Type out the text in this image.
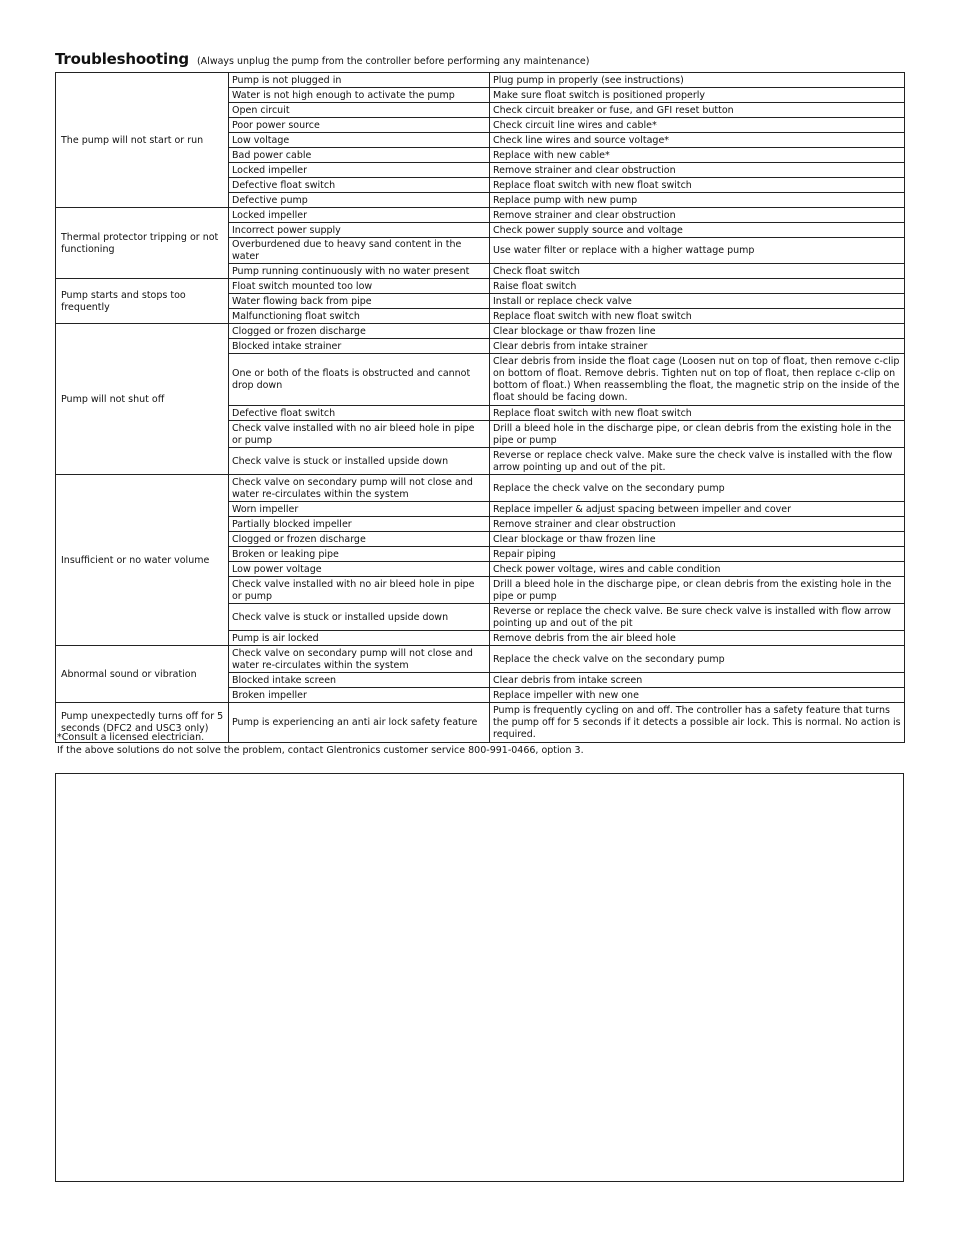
Troubleshooting (Always unplug the pump from the controller before performing any maintenance)
The pump will not start or run	Pump is not plugged in	Plug pump in properly (see instructions)
	Water is not high enough to activate the pump	Make sure float switch is positioned properly
	Open circuit	Check circuit breaker or fuse, and GFI reset button
	Poor power source	Check circuit line wires and cable*
	Low voltage	Check line wires and source voltage*
	Bad power cable	Replace with new cable*
	Locked impeller	Remove strainer and clear obstruction
	Defective float switch	Replace float switch with new float switch
	Defective pump	Replace pump with new pump
Thermal protector tripping or not functioning	Locked impeller	Remove strainer and clear obstruction
	Incorrect power supply	Check power supply source and voltage
	Overburdened due to heavy sand content in the water	Use water filter or replace with a higher wattage pump
	Pump running continuously with no water present	Check float switch
Pump starts and stops too frequently	Float switch mounted too low	Raise float switch
	Water flowing back from pipe	Install or replace check valve
	Malfunctioning float switch	Replace float switch with new float switch
Pump will not shut off	Clogged or frozen discharge	Clear blockage or thaw frozen line
	Blocked intake strainer	Clear debris from intake strainer
	One or both of the floats is obstructed and cannot drop down	Clear debris from inside the float cage (Loosen nut on top of float, then remove c-clip on bottom of float. Remove debris. Tighten nut on top of float, then replace c-clip on bottom of float.) When reassembling the float, the magnetic strip on the inside of the float should be facing down.
	Defective float switch	Replace float switch with new float switch
	Check valve installed with no air bleed hole in pipe or pump	Drill a bleed hole in the discharge pipe, or clean debris from the existing hole in the pipe or pump
	Check valve is stuck or installed upside down	Reverse or replace check valve. Make sure the check valve is installed with the flow arrow pointing up and out of the pit.
Insufficient or no water volume	Check valve on secondary pump will not close and water re-circulates within the system	Replace the check valve on the secondary pump
	Worn impeller	Replace impeller & adjust spacing between impeller and cover
	Partially blocked impeller	Remove strainer and clear obstruction
	Clogged or frozen discharge	Clear blockage or thaw frozen line
	Broken or leaking pipe	Repair piping
	Low power voltage	Check power voltage, wires and cable condition
	Check valve installed with no air bleed hole in pipe or pump	Drill a bleed hole in the discharge pipe, or clean debris from the existing hole in the pipe or pump
	Check valve is stuck or installed upside down	Reverse or replace the check valve. Be sure check valve is installed with flow arrow pointing up and out of the pit
	Pump is air locked	Remove debris from the air bleed hole
Abnormal sound or vibration	Check valve on secondary pump will not close and water re-circulates within the system	Replace the check valve on the secondary pump
	Blocked intake screen	Clear debris from intake screen
	Broken impeller	Replace impeller with new one
Pump unexpectedly turns off for 5 seconds (DFC2 and USC3 only)	Pump is experiencing an anti air lock safety feature	Pump is frequently cycling on and off. The controller has a safety feature that turns the pump off for 5 seconds if it detects a possible air lock. This is normal. No action is required.
*Consult a licensed electrician.
If the above solutions do not solve the problem, contact Glentronics customer service 800-991-0466, option 3.
